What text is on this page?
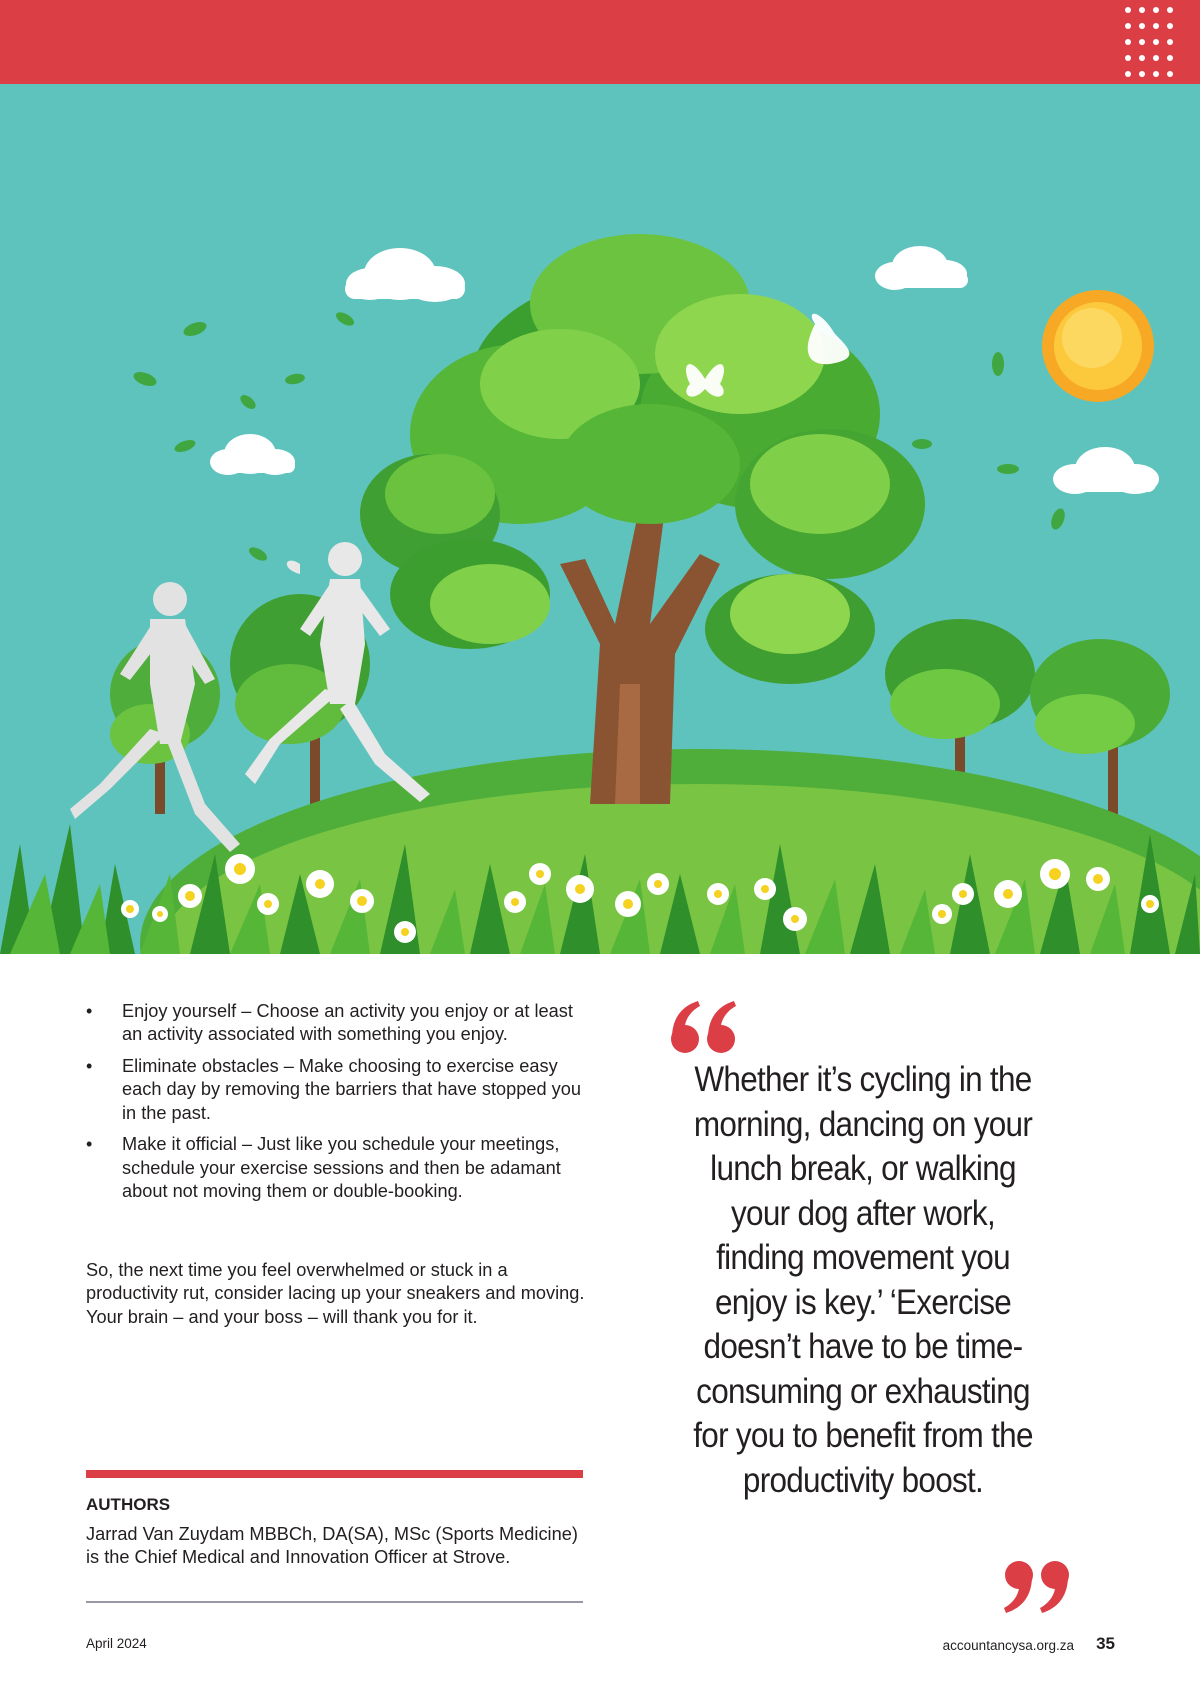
• Enjoy yourself – Choose an activity you enjoy or at least an activity associated with something you enjoy.
• Eliminate obstacles – Make choosing to exercise easy each day by removing the barriers that have stopped you in the past.
• Make it official – Just like you schedule your meetings, schedule your exercise sessions and then be adamant about not moving them or double-booking.

So, the next time you feel overwhelmed or stuck in a productivity rut, consider lacing up your sneakers and moving. Your brain – and your boss – will thank you for it.

AUTHORS
Jarrad Van Zuydam MBBCh, DA(SA), MSc (Sports Medicine) is the Chief Medical and Innovation Officer at Strove.
Whether it’s cycling in the morning, dancing on your lunch break, or walking your dog after work, finding movement you enjoy is key.’ ‘Exercise doesn’t have to be time-consuming or exhausting for you to benefit from the productivity boost.
April 2024	accountancysa.org.za 35
